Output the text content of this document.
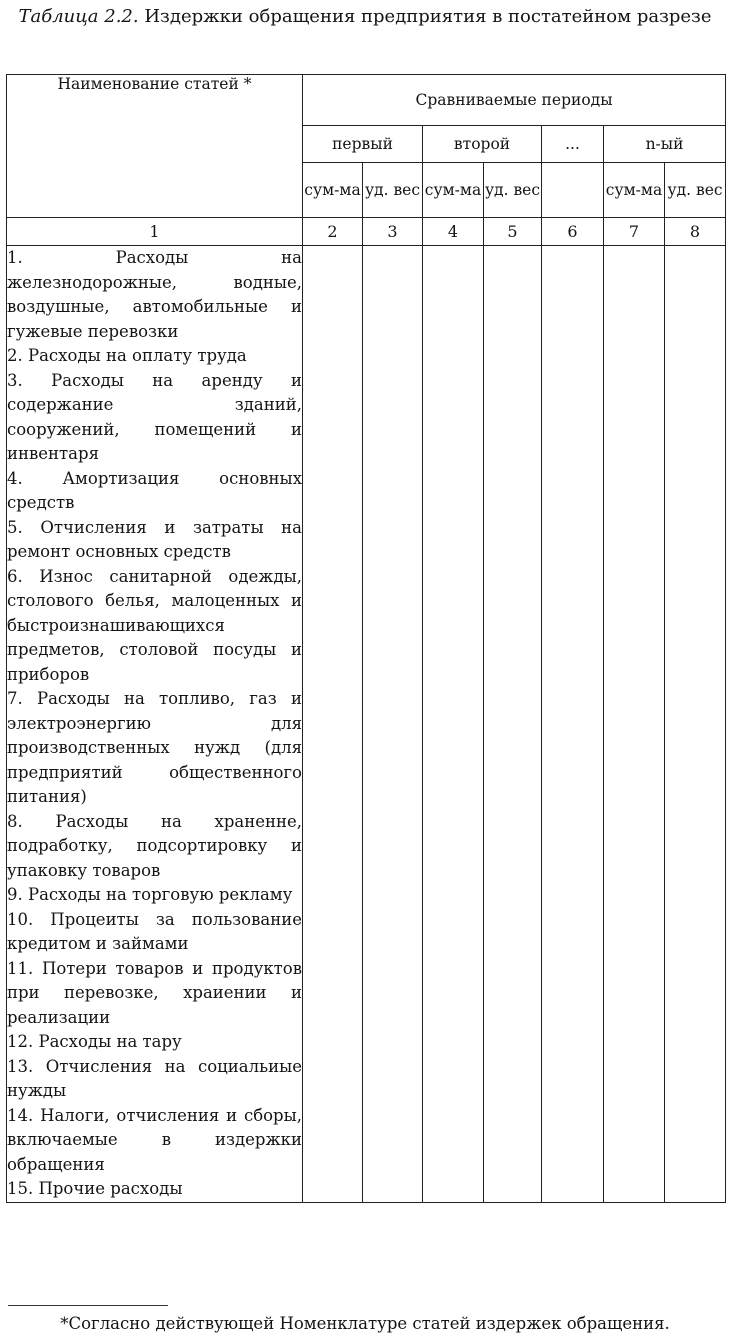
Таблица 2.2. Издержки обращения предприятия в постатейном разрезе
Наименование статей *	Сравниваемые периоды						
	первый		второй		...	n-ый	
	сум-ма	уд. вес	сум-ма	уд. вес		сум-ма	уд. вес
1	2	3	4	5	6	7	8
1. Расходы на железнодорожные, водные, воздушные, автомобильные и гужевые перевозки							
2. Расходы на оплату труда							
3. Расходы на аренду и содержание зданий, сооружений, помещений и инвентаря							
4. Амортизация основных средств							
5. Отчисления и затраты на ремонт основных средств							
6. Износ санитарной одежды, столового белья, малоценных и быстроизнашивающихся предметов, столовой посуды и приборов							
7. Расходы на топливо, газ и электроэнергию для производственных нужд (для предприятий общественного питания)							
8. Расходы на храненне, подработку, подсортировку и упаковку товаров							
9. Расходы на торговую рекламу							
10. Процеиты за пользование кредитом и займами							
11. Потери товаров и продуктов при перевозке, храиении и реализации							
12. Расходы на тару							
13. Отчисления на социальиые нужды							
14. Налоги, отчисления и сборы, включаемые в издержки обращения							
15. Прочие расходы							
*Согласно действующей Номенклатуре статей издержек обращения.
